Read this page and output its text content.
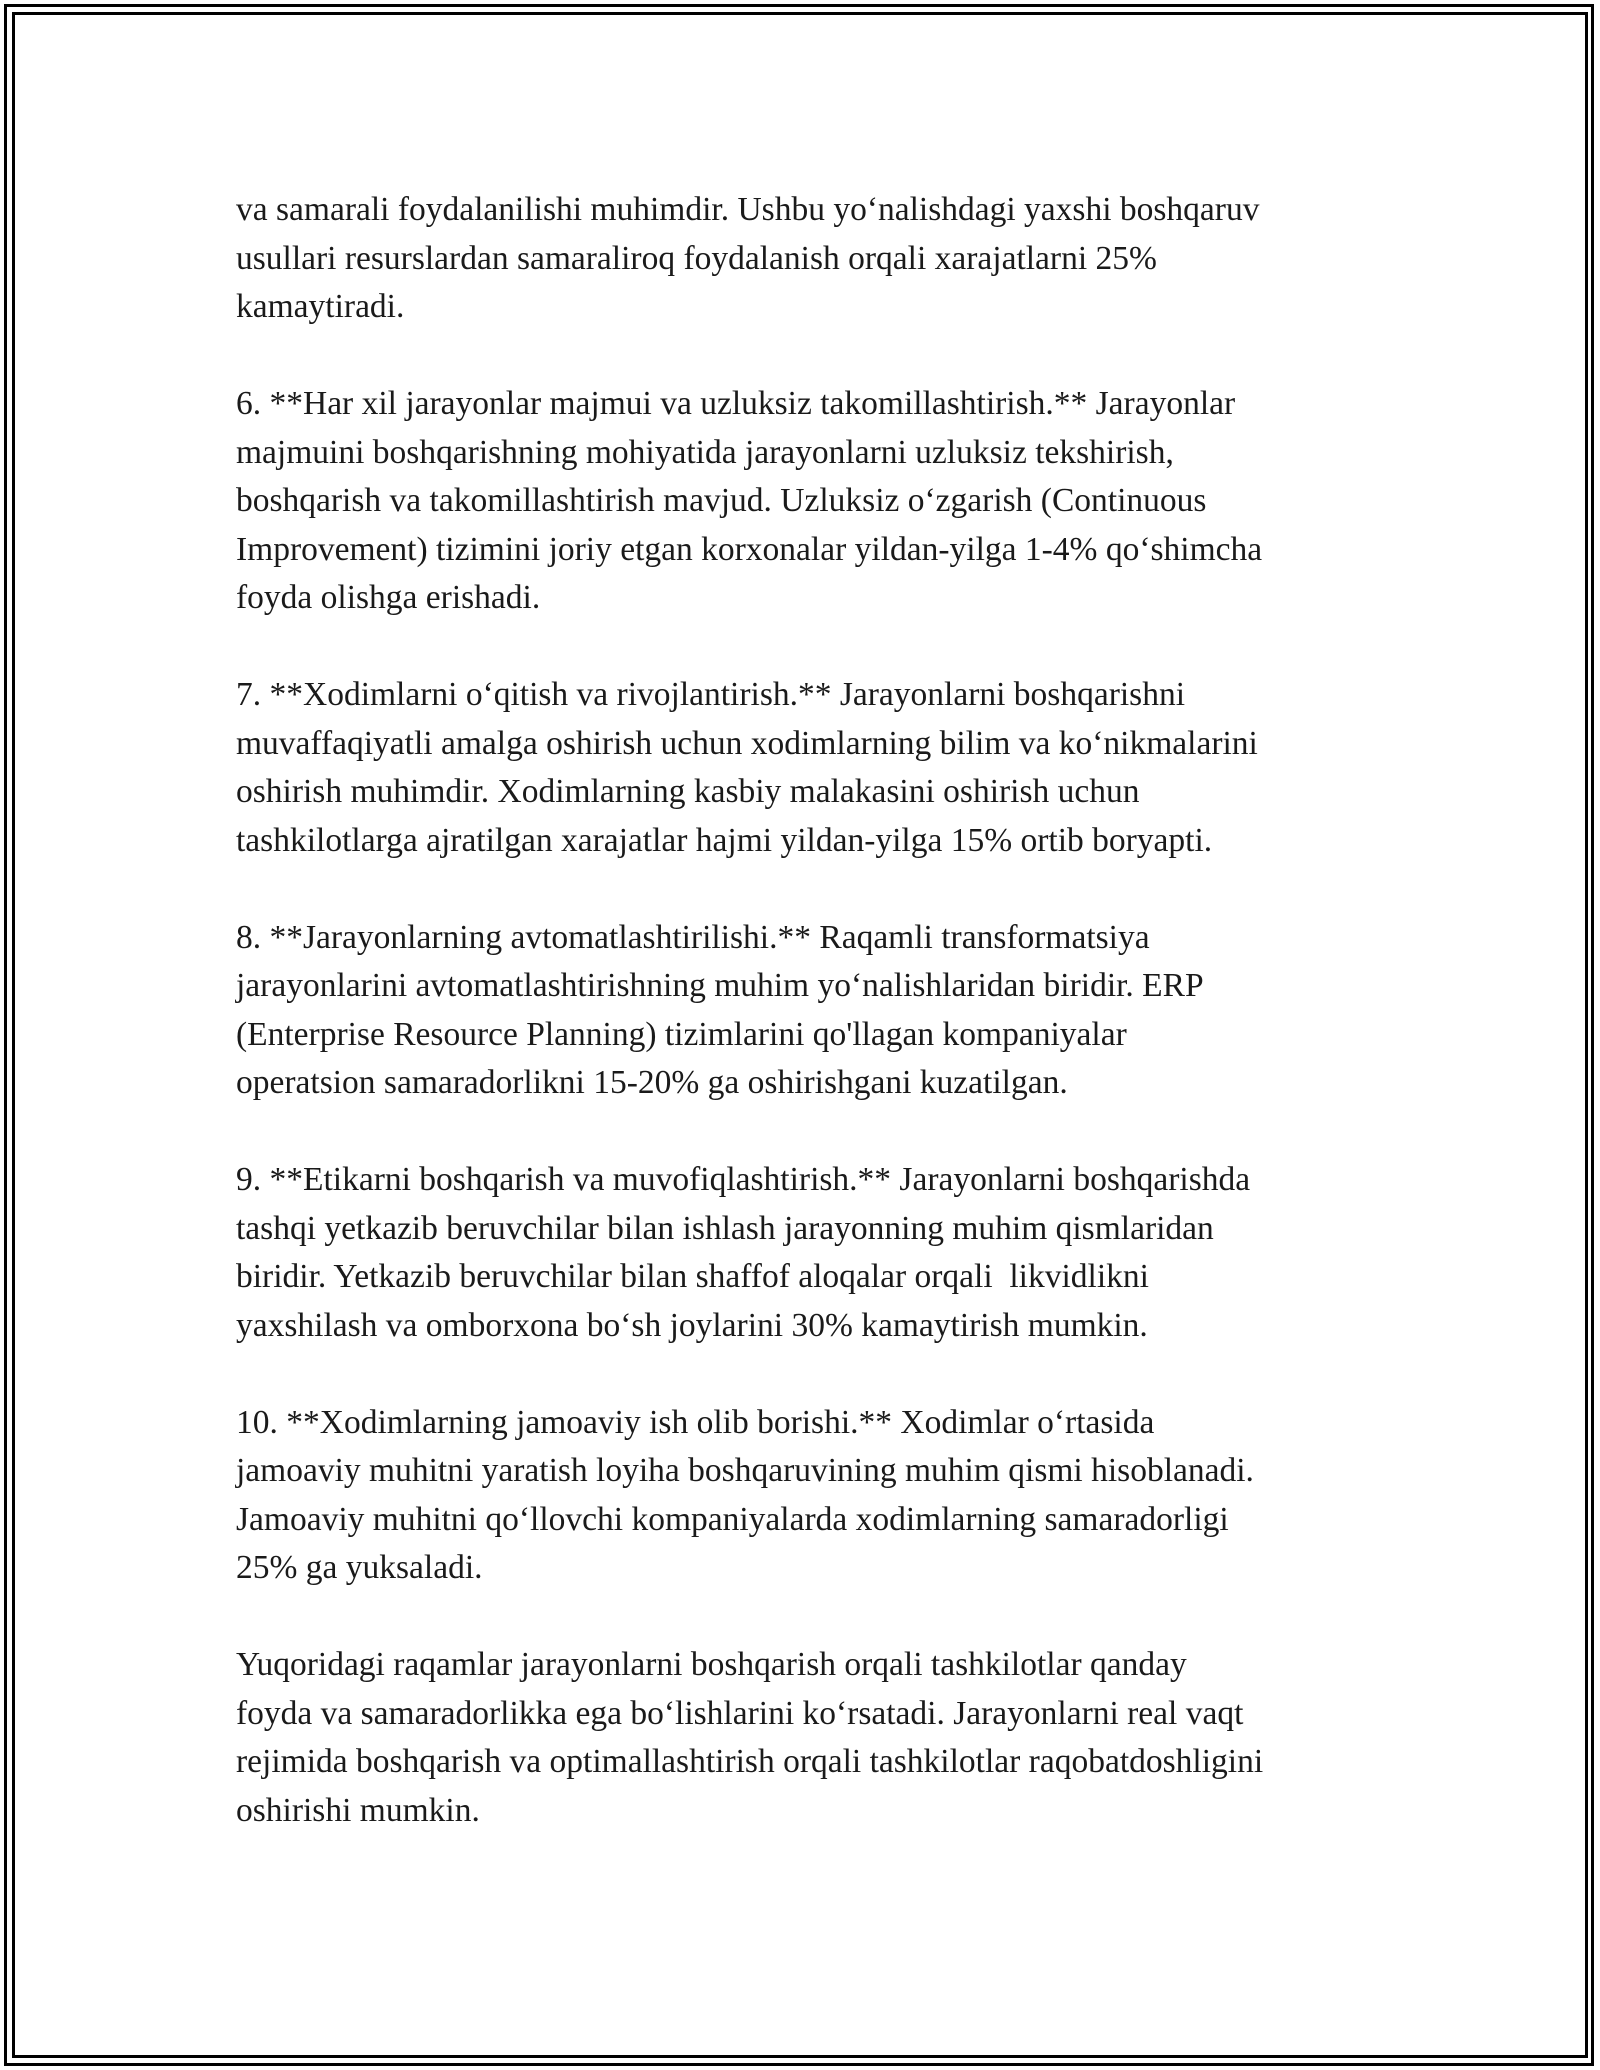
va samarali foydalanilishi muhimdir. Ushbu yo‘nalishdagi yaxshi boshqaruv
usullari resurslardan samaraliroq foydalanish orqali xarajatlarni 25%
kamaytiradi.
6. **Har xil jarayonlar majmui va uzluksiz takomillashtirish.** Jarayonlar
majmuini boshqarishning mohiyatida jarayonlarni uzluksiz tekshirish,
boshqarish va takomillashtirish mavjud. Uzluksiz o‘zgarish (Continuous
Improvement) tizimini joriy etgan korxonalar yildan-yilga 1-4% qo‘shimcha
foyda olishga erishadi.
7. **Xodimlarni o‘qitish va rivojlantirish.** Jarayonlarni boshqarishni
muvaffaqiyatli amalga oshirish uchun xodimlarning bilim va ko‘nikmalarini
oshirish muhimdir. Xodimlarning kasbiy malakasini oshirish uchun
tashkilotlarga ajratilgan xarajatlar hajmi yildan-yilga 15% ortib boryapti.
8. **Jarayonlarning avtomatlashtirilishi.** Raqamli transformatsiya
jarayonlarini avtomatlashtirishning muhim yo‘nalishlaridan biridir. ERP
(Enterprise Resource Planning) tizimlarini qo'llagan kompaniyalar
operatsion samaradorlikni 15-20% ga oshirishgani kuzatilgan.
9. **Etikarni boshqarish va muvofiqlashtirish.** Jarayonlarni boshqarishda
tashqi yetkazib beruvchilar bilan ishlash jarayonning muhim qismlaridan
biridir. Yetkazib beruvchilar bilan shaffof aloqalar orqali  likvidlikni
yaxshilash va omborxona bo‘sh joylarini 30% kamaytirish mumkin.
10. **Xodimlarning jamoaviy ish olib borishi.** Xodimlar o‘rtasida
jamoaviy muhitni yaratish loyiha boshqaruvining muhim qismi hisoblanadi.
Jamoaviy muhitni qo‘llovchi kompaniyalarda xodimlarning samaradorligi
25% ga yuksaladi.
Yuqoridagi raqamlar jarayonlarni boshqarish orqali tashkilotlar qanday
foyda va samaradorlikka ega bo‘lishlarini ko‘rsatadi. Jarayonlarni real vaqt
rejimida boshqarish va optimallashtirish orqali tashkilotlar raqobatdoshligini
oshirishi mumkin.
